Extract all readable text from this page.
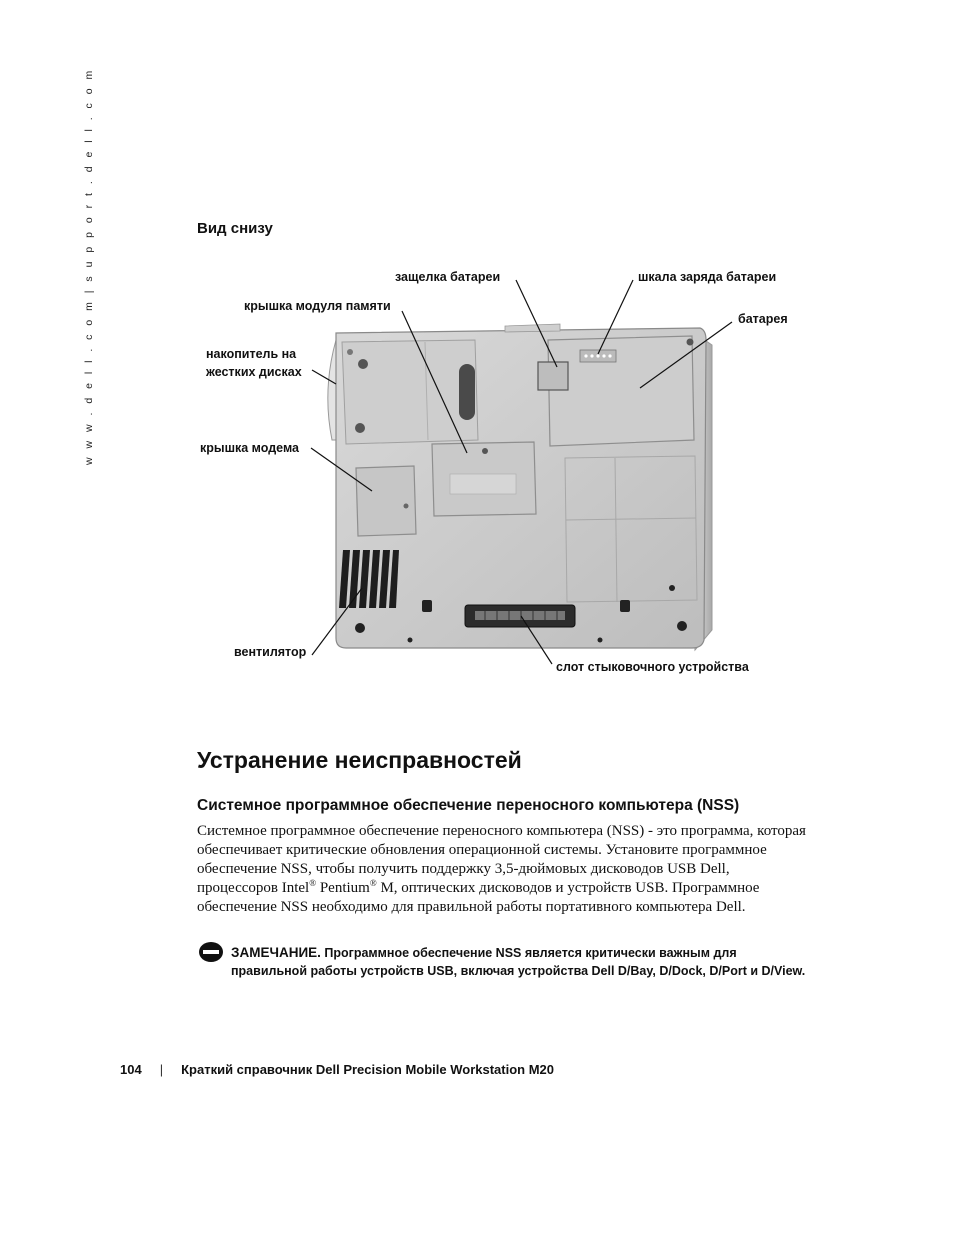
w w w . d e l l . c o m | s u p p o r t . d e l l . c o m	Вид снизу
защелка батареи	шкала заряда батареи
крышка модуля памяти
батарея
накопитель на
жестких дисках
крышка модема
вентилятор
слот стыковочного устройства
Устранение неисправностей
Системное программное обеспечение переносного компьютера (NSS)

Системное программное обеспечение переносного компьютера (NSS) - это программа, которая обеспечивает критические обновления операционной системы. Установите программное обеспечение NSS, чтобы получить поддержку 3,5-дюймовых дисководов USB Dell, процессоров Intel® Pentium® M, оптических дисководов и устройств USB. Программное обеспечение NSS необходимо для правильной работы портативного компьютера Dell.

ЗАМЕЧАНИЕ. Программное обеспечение NSS является критически важным для правильной работы устройств USB, включая устройства Dell D/Bay, D/Dock, D/Port и D/View.
104 | Краткий справочник Dell Precision Mobile Workstation M20
